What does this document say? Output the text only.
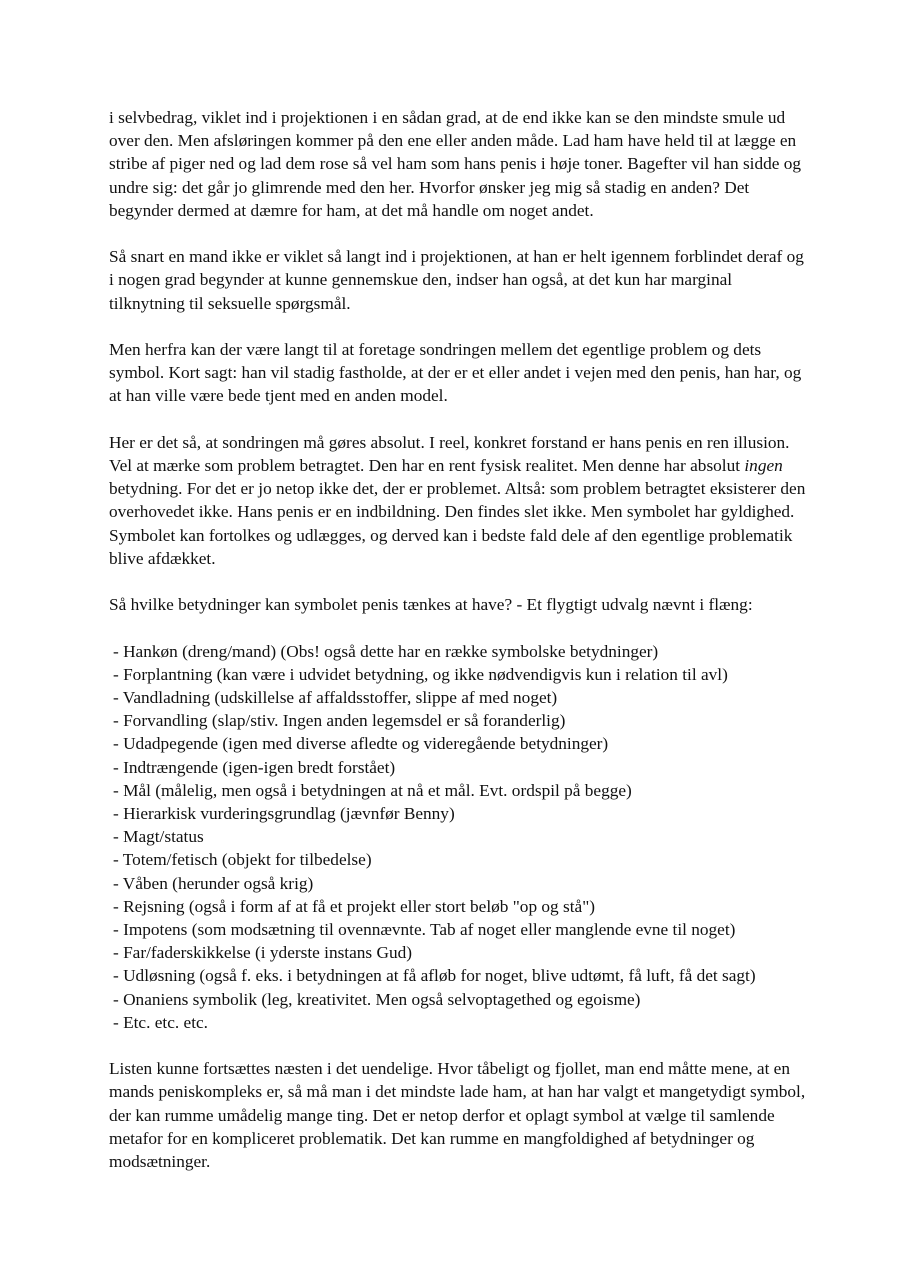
i selvbedrag, viklet ind i projektionen i en sådan grad, at de end ikke kan se den mindste smule ud over den. Men afsløringen kommer på den ene eller anden måde. Lad ham have held til at lægge en stribe af piger ned og lad dem rose så vel ham som hans penis i høje toner. Bagefter vil han sidde og undre sig: det går jo glimrende med den her. Hvorfor ønsker jeg mig så stadig en anden? Det begynder dermed at dæmre for ham, at det må handle om noget andet.

Så snart en mand ikke er viklet så langt ind i projektionen, at han er helt igennem forblindet deraf og i nogen grad begynder at kunne gennemskue den, indser han også, at det kun har marginal tilknytning til seksuelle spørgsmål.

Men herfra kan der være langt til at foretage sondringen mellem det egentlige problem og dets symbol. Kort sagt: han vil stadig fastholde, at der er et eller andet i vejen med den penis, han har, og at han ville være bede tjent med en anden model.

Her er det så, at sondringen må gøres absolut. I reel, konkret forstand er hans penis en ren illusion. Vel at mærke som problem betragtet. Den har en rent fysisk realitet. Men denne har absolut ingen betydning. For det er jo netop ikke det, der er problemet. Altså: som problem betragtet eksisterer den overhovedet ikke. Hans penis er en indbildning. Den findes slet ikke. Men symbolet har gyldighed. Symbolet kan fortolkes og udlægges, og derved kan i bedste fald dele af den egentlige problematik blive afdækket.

Så hvilke betydninger kan symbolet penis tænkes at have? - Et flygtigt udvalg nævnt i flæng:

- Hankøn (dreng/mand) (Obs! også dette har en række symbolske betydninger)
- Forplantning (kan være i udvidet betydning, og ikke nødvendigvis kun i relation til avl)
- Vandladning (udskillelse af affaldsstoffer, slippe af med noget)
- Forvandling (slap/stiv. Ingen anden legemsdel er så foranderlig)
- Udadpegende (igen med diverse afledte og videregående betydninger)
- Indtrængende (igen-igen bredt forstået)
- Mål (målelig, men også i betydningen at nå et mål. Evt. ordspil på begge)
- Hierarkisk vurderingsgrundlag (jævnfør Benny)
- Magt/status
- Totem/fetisch (objekt for tilbedelse)
- Våben (herunder også krig)
- Rejsning (også i form af at få et projekt eller stort beløb "op og stå")
- Impotens (som modsætning til ovennævnte. Tab af noget eller manglende evne til noget)
- Far/faderskikkelse (i yderste instans Gud)
- Udløsning (også f. eks. i betydningen at få afløb for noget, blive udtømt, få luft, få det sagt)
- Onaniens symbolik (leg, kreativitet. Men også selvoptagethed og egoisme)
- Etc. etc. etc.

Listen kunne fortsættes næsten i det uendelige. Hvor tåbeligt og fjollet, man end måtte mene, at en mands peniskompleks er, så må man i det mindste lade ham, at han har valgt et mangetydigt symbol, der kan rumme umådelig mange ting. Det er netop derfor et oplagt symbol at vælge til samlende metafor for en kompliceret problematik. Det kan rumme en mangfoldighed af betydninger og modsætninger.
